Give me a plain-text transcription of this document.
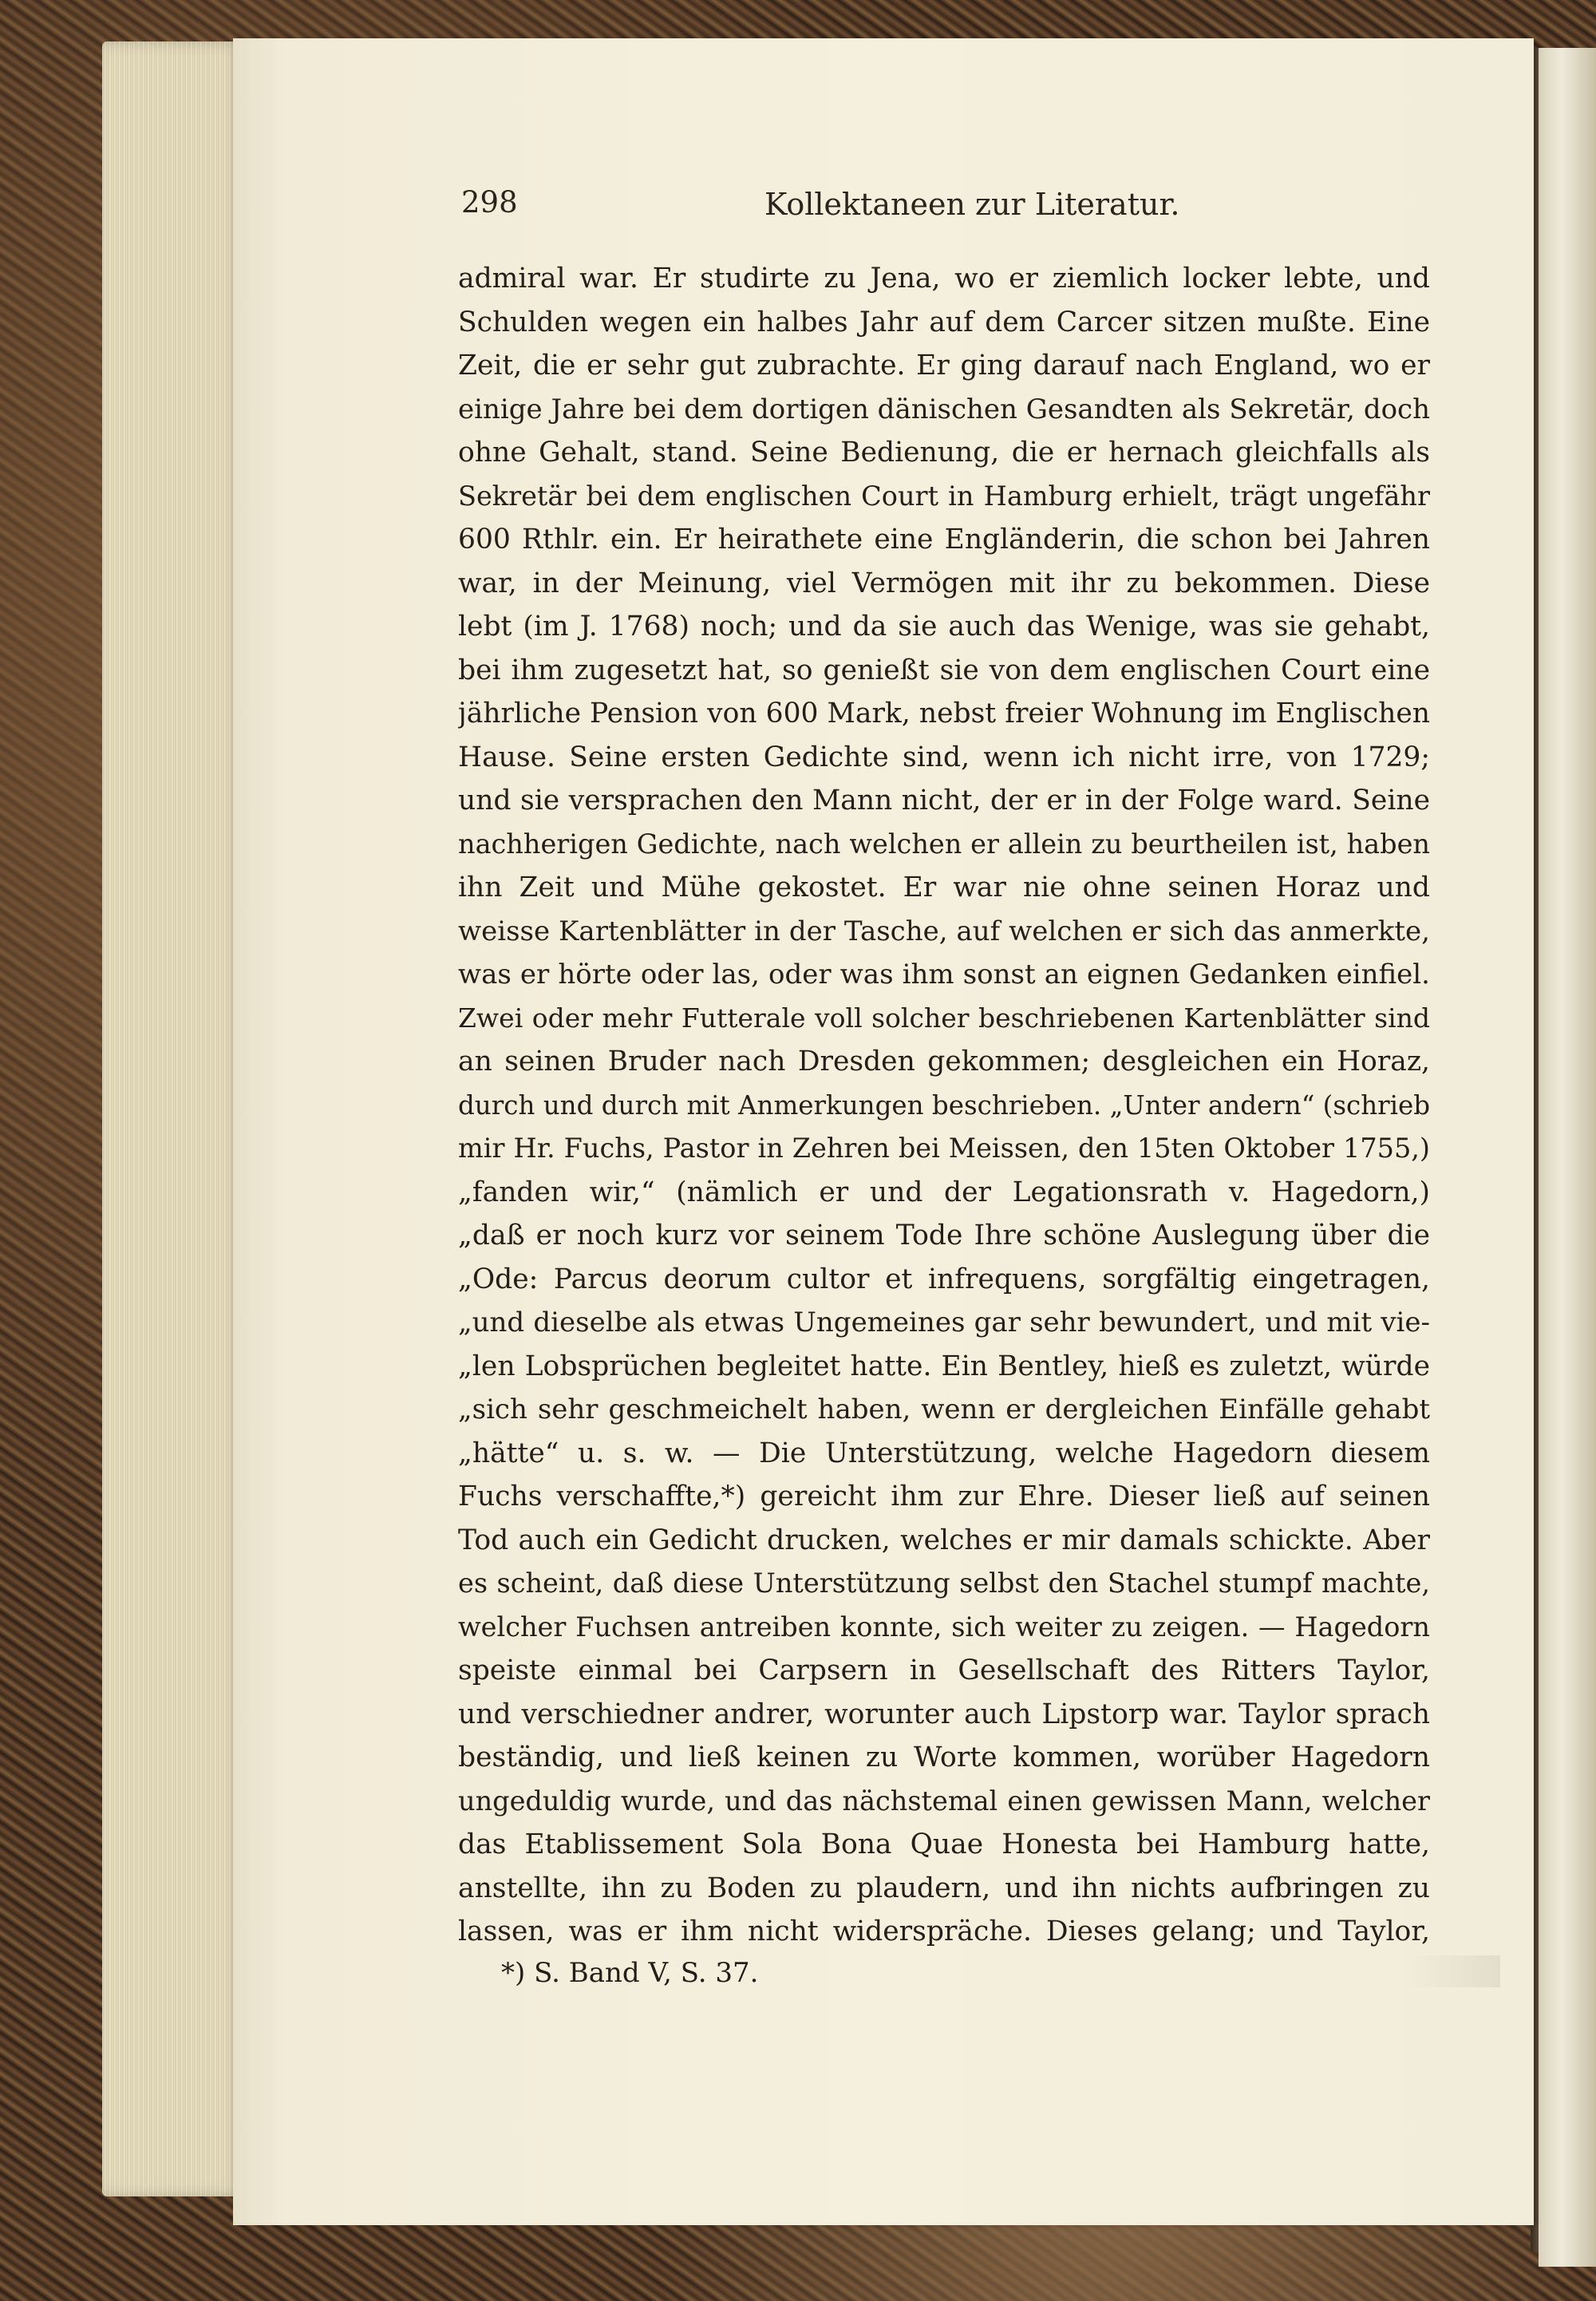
298	Kollektaneen zur Literatur.
admiral war. Er studirte zu Jena, wo er ziemlich locker lebte, und
Schulden wegen ein halbes Jahr auf dem Carcer sitzen mußte. Eine
Zeit, die er sehr gut zubrachte. Er ging darauf nach England, wo er
einige Jahre bei dem dortigen dänischen Gesandten als Sekretär, doch
ohne Gehalt, stand. Seine Bedienung, die er hernach gleichfalls als
Sekretär bei dem englischen Court in Hamburg erhielt, trägt ungefähr
600 Rthlr. ein. Er heirathete eine Engländerin, die schon bei Jahren
war, in der Meinung, viel Vermögen mit ihr zu bekommen. Diese
lebt (im J. 1768) noch; und da sie auch das Wenige, was sie gehabt,
bei ihm zugesetzt hat, so genießt sie von dem englischen Court eine
jährliche Pension von 600 Mark, nebst freier Wohnung im Englischen
Hause. Seine ersten Gedichte sind, wenn ich nicht irre, von 1729;
und sie versprachen den Mann nicht, der er in der Folge ward. Seine
nachherigen Gedichte, nach welchen er allein zu beurtheilen ist, haben
ihn Zeit und Mühe gekostet. Er war nie ohne seinen Horaz und
weisse Kartenblätter in der Tasche, auf welchen er sich das anmerkte,
was er hörte oder las, oder was ihm sonst an eignen Gedanken einfiel.
Zwei oder mehr Futterale voll solcher beschriebenen Kartenblätter sind
an seinen Bruder nach Dresden gekommen; desgleichen ein Horaz,
durch und durch mit Anmerkungen beschrieben. „Unter andern“ (schrieb
mir Hr. Fuchs, Pastor in Zehren bei Meissen, den 15ten Oktober 1755,)
„fanden wir,“ (nämlich er und der Legationsrath v. Hagedorn,)
„daß er noch kurz vor seinem Tode Ihre schöne Auslegung über die
„Ode: Parcus deorum cultor et infrequens, sorgfältig eingetragen,
„und dieselbe als etwas Ungemeines gar sehr bewundert, und mit vie-
„len Lobsprüchen begleitet hatte. Ein Bentley, hieß es zuletzt, würde
„sich sehr geschmeichelt haben, wenn er dergleichen Einfälle gehabt
„hätte“ u. s. w. — Die Unterstützung, welche Hagedorn diesem
Fuchs verschaffte,*) gereicht ihm zur Ehre. Dieser ließ auf seinen
Tod auch ein Gedicht drucken, welches er mir damals schickte. Aber
es scheint, daß diese Unterstützung selbst den Stachel stumpf machte,
welcher Fuchsen antreiben konnte, sich weiter zu zeigen. — Hagedorn
speiste einmal bei Carpsern in Gesellschaft des Ritters Taylor,
und verschiedner andrer, worunter auch Lipstorp war. Taylor sprach
beständig, und ließ keinen zu Worte kommen, worüber Hagedorn
ungeduldig wurde, und das nächstemal einen gewissen Mann, welcher
das Etablissement Sola Bona Quae Honesta bei Hamburg hatte,
anstellte, ihn zu Boden zu plaudern, und ihn nichts aufbringen zu
lassen, was er ihm nicht widerspräche. Dieses gelang; und Taylor,
*) S. Band V, S. 37.
